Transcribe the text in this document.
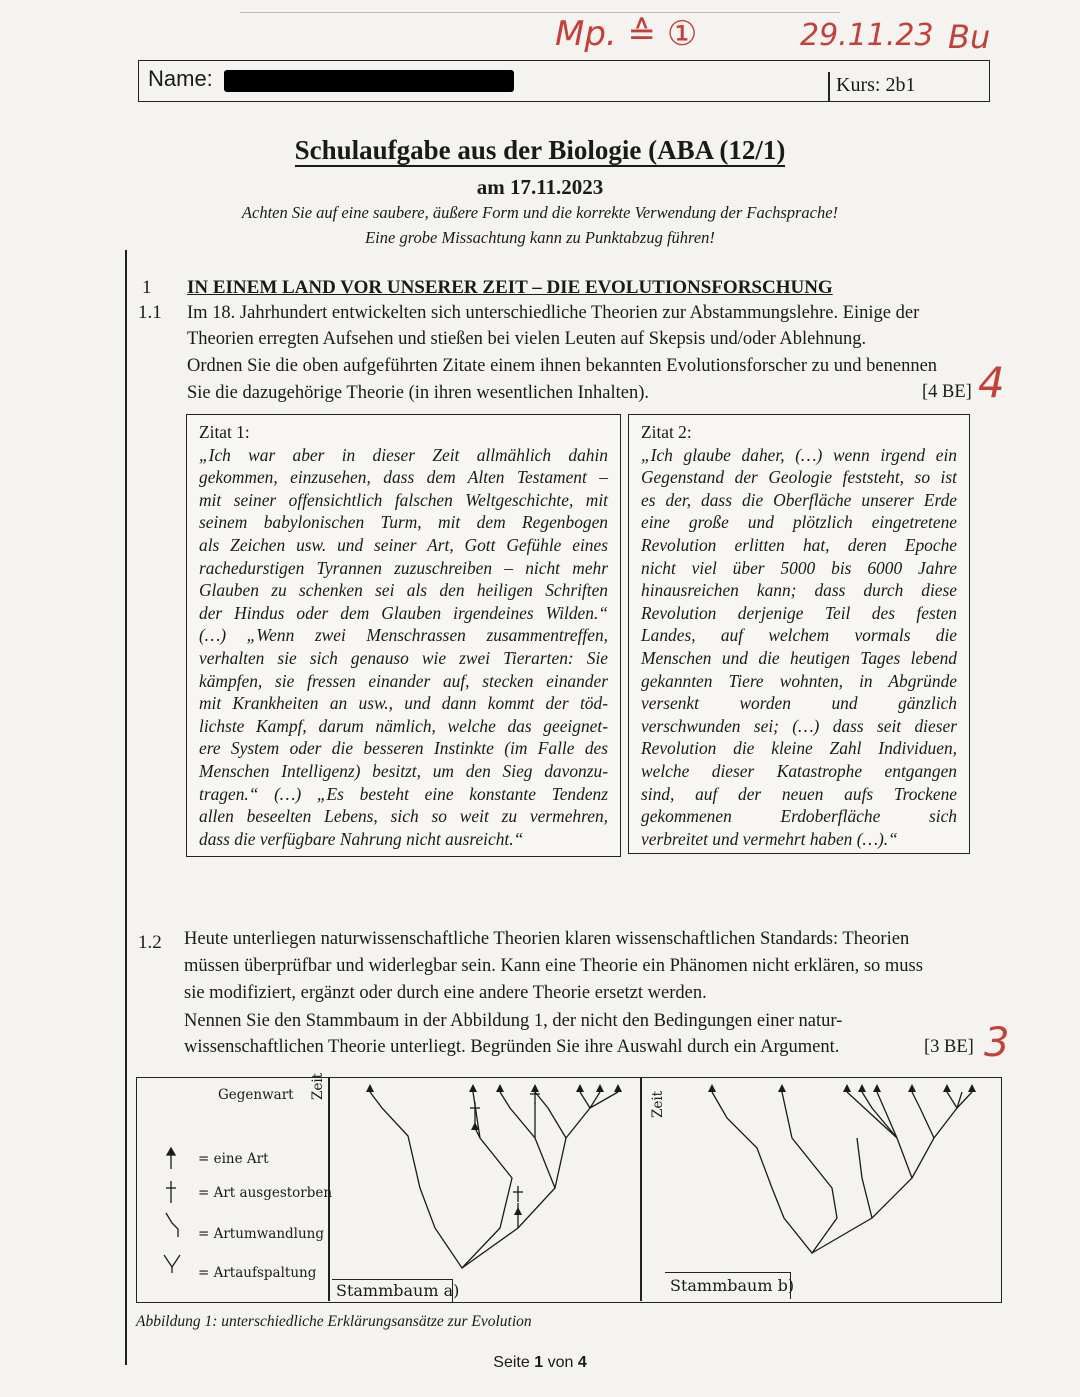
Mp. ≙ ①	29.11.23 Bu
Name:	Kurs: 2b1
Schulaufgabe aus der Biologie (ABA (12/1)
am 17.11.2023
Achten Sie auf eine saubere, äußere Form und die korrekte Verwendung der Fachsprache!
Eine grobe Missachtung kann zu Punktabzug führen!
1 IN EINEM LAND VOR UNSERER ZEIT – DIE EVOLUTIONSFORSCHUNG
1.1 Im 18. Jahrhundert entwickelten sich unterschiedliche Theorien zur Abstammungslehre. Einige der
Theorien erregten Aufsehen und stießen bei vielen Leuten auf Skepsis und/oder Ablehnung.
Ordnen Sie die oben aufgeführten Zitate einem ihnen bekannten Evolutionsforscher zu und benennen
Sie die dazugehörige Theorie (in ihren wesentlichen Inhalten).	[4 BE] 4
Zitat 1:
„Ich war aber in dieser Zeit allmählich dahin
gekommen, einzusehen, dass dem Alten Testament –
mit seiner offensichtlich falschen Weltgeschichte, mit
seinem babylonischen Turm, mit dem Regenbogen
als Zeichen usw. und seiner Art, Gott Gefühle eines
rachedurstigen Tyrannen zuzuschreiben – nicht mehr
Glauben zu schenken sei als den heiligen Schriften
der Hindus oder dem Glauben irgendeines Wilden.“
(…) „Wenn zwei Menschrassen zusammentreffen,
verhalten sie sich genauso wie zwei Tierarten: Sie
kämpfen, sie fressen einander auf, stecken einander
mit Krankheiten an usw., und dann kommt der töd-
lichste Kampf, darum nämlich, welche das geeignet-
ere System oder die besseren Instinkte (im Falle des
Menschen Intelligenz) besitzt, um den Sieg davonzu-
tragen.“ (…) „Es besteht eine konstante Tendenz
allen beseelten Lebens, sich so weit zu vermehren,
dass die verfügbare Nahrung nicht ausreicht.“
Zitat 2:
„Ich glaube daher, (…) wenn irgend ein
Gegenstand der Geologie feststeht, so ist
es der, dass die Oberfläche unserer Erde
eine große und plötzlich eingetretene
Revolution erlitten hat, deren Epoche
nicht viel über 5000 bis 6000 Jahre
hinausreichen kann; dass durch diese
Revolution derjenige Teil des festen
Landes, auf welchem vormals die
Menschen und die heutigen Tages lebend
gekannten Tiere wohnten, in Abgründe
versenkt worden und gänzlich
verschwunden sei; (…) dass seit dieser
Revolution die kleine Zahl Individuen,
welche dieser Katastrophe entgangen
sind, auf der neuen aufs Trockene
gekommenen Erdoberfläche sich
verbreitet und vermehrt haben (…).“
1.2 Heute unterliegen naturwissenschaftliche Theorien klaren wissenschaftlichen Standards: Theorien
müssen überprüfbar und widerlegbar sein. Kann eine Theorie ein Phänomen nicht erklären, so muss
sie modifiziert, ergänzt oder durch eine andere Theorie ersetzt werden.
Nennen Sie den Stammbaum in der Abbildung 1, der nicht den Bedingungen einer natur-
wissenschaftlichen Theorie unterliegt. Begründen Sie ihre Auswahl durch ein Argument.	[3 BE] 3
Gegenwart Zeit
Zeit
= eine Art
= Art ausgestorben
= Artumwandlung
= Artaufspaltung
Stammbaum a)	Stammbaum b)
Abbildung 1: unterschiedliche Erklärungsansätze zur Evolution
Seite 1 von 4
